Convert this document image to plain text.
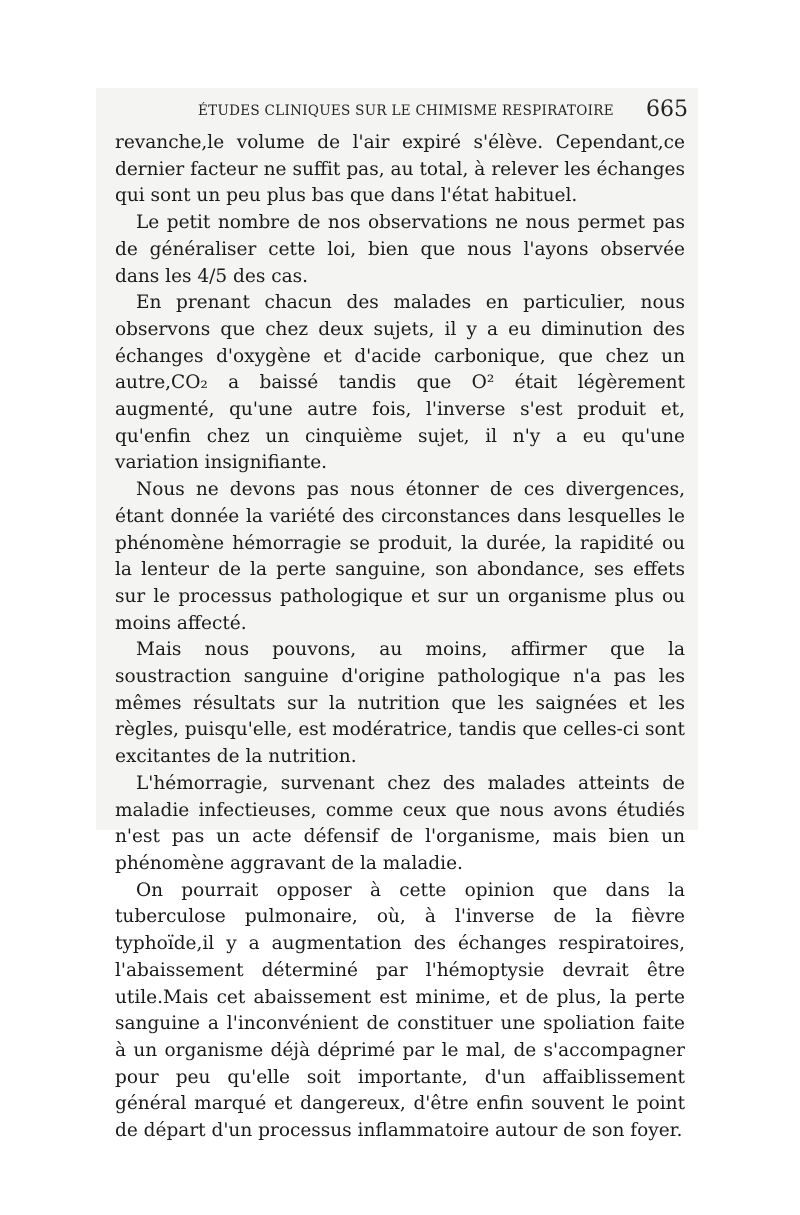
ÉTUDES CLINIQUES SUR LE CHIMISME RESPIRATOIRE 665

revanche,le volume de l'air expiré s'élève. Cependant,ce dernier facteur ne suffit pas, au total, à relever les échanges qui sont un peu plus bas que dans l'état habituel.

Le petit nombre de nos observations ne nous permet pas de généraliser cette loi, bien que nous l'ayons observée dans les 4/5 des cas.

En prenant chacun des malades en particulier, nous observons que chez deux sujets, il y a eu diminution des échanges d'oxygène et d'acide carbonique, que chez un autre,CO₂ a baissé tandis que O² était légèrement augmenté, qu'une autre fois, l'inverse s'est produit et, qu'enfin chez un cinquième sujet, il n'y a eu qu'une variation insignifiante.

Nous ne devons pas nous étonner de ces divergences, étant donnée la variété des circonstances dans lesquelles le phénomène hémorragie se produit, la durée, la rapidité ou la lenteur de la perte sanguine, son abondance, ses effets sur le processus pathologique et sur un organisme plus ou moins affecté.

Mais nous pouvons, au moins, affirmer que la soustraction sanguine d'origine pathologique n'a pas les mêmes résultats sur la nutrition que les saignées et les règles, puisqu'elle, est modératrice, tandis que celles-ci sont excitantes de la nutrition.

L'hémorragie, survenant chez des malades atteints de maladie infectieuses, comme ceux que nous avons étudiés n'est pas un acte défensif de l'organisme, mais bien un phénomène aggravant de la maladie.

On pourrait opposer à cette opinion que dans la tuberculose pulmonaire, où, à l'inverse de la fièvre typhoïde,il y a augmentation des échanges respiratoires, l'abaissement déterminé par l'hémoptysie devrait être utile.Mais cet abaissement est minime, et de plus, la perte sanguine a l'inconvénient de constituer une spoliation faite à un organisme déjà déprimé par le mal, de s'accompagner pour peu qu'elle soit importante, d'un affaiblissement général marqué et dangereux, d'être enfin souvent le point de départ d'un processus inflammatoire autour de son foyer.
